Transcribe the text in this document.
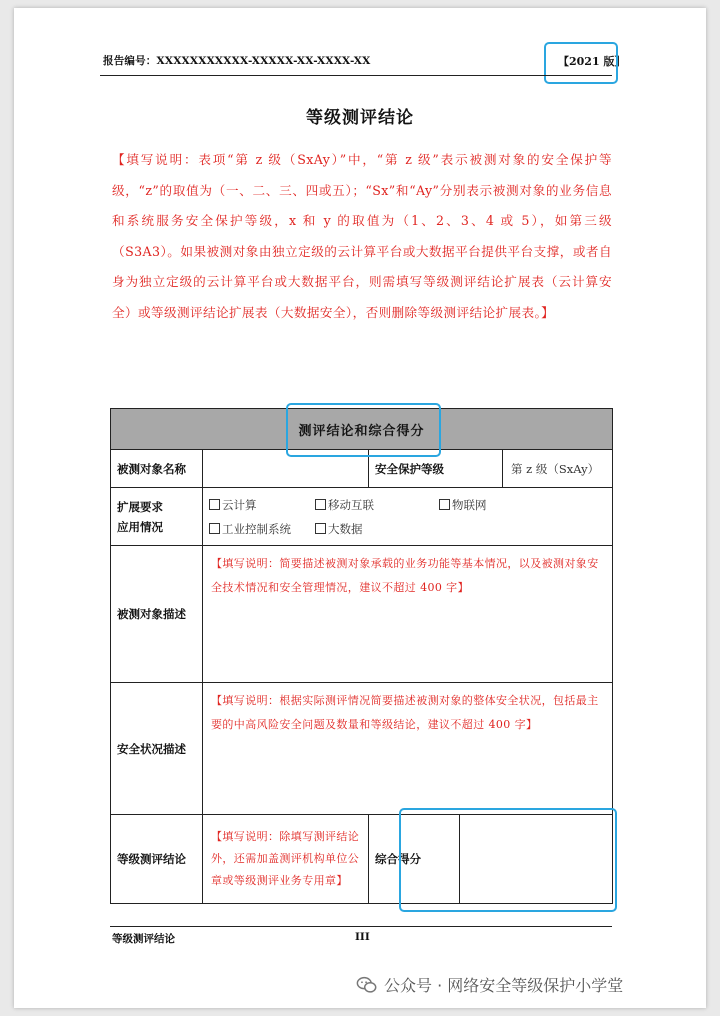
报告编号：XXXXXXXXXXX-XXXXX-XX-XXXX-XX	【2021 版】
等级测评结论
【填写说明：表项“第 z 级（SxAy）”中，“第 z 级”表示被测对象的安全保护等级，“z”的取值为（一、二、三、四或五）；“Sx”和“Ay”分别表示被测对象的业务信息和系统服务安全保护等级，x 和 y 的取值为（1、2、3、4 或 5），如第三级（S3A3）。如果被测对象由独立定级的云计算平台或大数据平台提供平台支撑，或者自身为独立定级的云计算平台或大数据平台，则需填写等级测评结论扩展表（云计算安全）或等级测评结论扩展表（大数据安全），否则删除等级测评结论扩展表。】
测评结论和综合得分				
被测对象名称		安全保护等级		第 z 级（SxAy）
扩展要求应用情况	云计算 移动互联 物联网
工业控制系统 大数据			

被测对象描述	【填写说明：简要描述被测对象承载的业务功能等基本情况，以及被测对象安全技术情况和安全管理情况，建议不超过 400 字】			

安全状况描述	【填写说明：根据实际测评情况简要描述被测对象的整体安全状况，包括最主要的中高风险安全问题及数量和等级结论，建议不超过 400 字】			

等级测评结论	【填写说明：除填写测评结论外，还需加盖测评机构单位公章或等级测评业务专用章】	综合得分		
等级测评结论	III
公众号 · 网络安全等级保护小学堂
